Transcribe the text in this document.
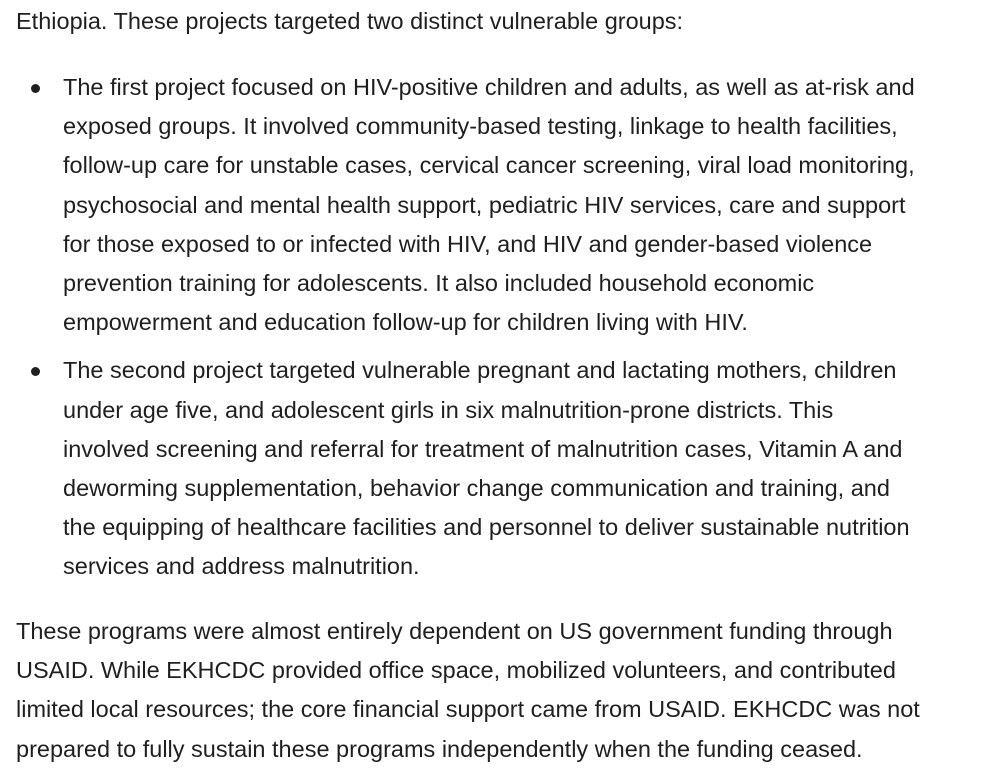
Ethiopia. These projects targeted two distinct vulnerable groups:
The first project focused on HIV-positive children and adults, as well as at-risk and
exposed groups. It involved community-based testing, linkage to health facilities,
follow-up care for unstable cases, cervical cancer screening, viral load monitoring,
psychosocial and mental health support, pediatric HIV services, care and support
for those exposed to or infected with HIV, and HIV and gender-based violence
prevention training for adolescents. It also included household economic
empowerment and education follow-up for children living with HIV.
The second project targeted vulnerable pregnant and lactating mothers, children
under age five, and adolescent girls in six malnutrition-prone districts. This
involved screening and referral for treatment of malnutrition cases, Vitamin A and
deworming supplementation, behavior change communication and training, and
the equipping of healthcare facilities and personnel to deliver sustainable nutrition
services and address malnutrition.
These programs were almost entirely dependent on US government funding through
USAID. While EKHCDC provided office space, mobilized volunteers, and contributed
limited local resources; the core financial support came from USAID. EKHCDC was not
prepared to fully sustain these programs independently when the funding ceased.
